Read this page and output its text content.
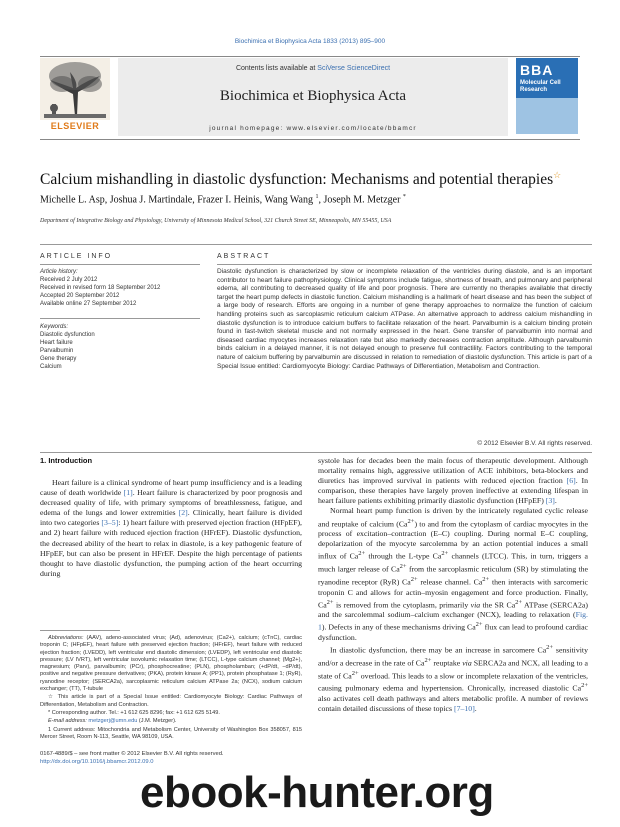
Biochimica et Biophysica Acta 1833 (2013) 895–900
ELSEVIER
Contents lists available at SciVerse ScienceDirect
Biochimica et Biophysica Acta
journal homepage: www.elsevier.com/locate/bbamcr
BBA
Molecular Cell Research
Calcium mishandling in diastolic dysfunction: Mechanisms and potential therapies☆
Michelle L. Asp, Joshua J. Martindale, Frazer I. Heinis, Wang Wang $^1$, Joseph M. Metzger *
Department of Integrative Biology and Physiology, University of Minnesota Medical School, 321 Church Street SE, Minneapolis, MN 55455, USA
ARTICLE INFO	ABSTRACT
Article history:
Received 2 July 2012
Received in revised form 18 September 2012
Accepted 20 September 2012
Available online 27 September 2012
Keywords:
Diastolic dysfunction
Heart failure
Parvalbumin
Gene therapy
Calcium
Diastolic dysfunction is characterized by slow or incomplete relaxation of the ventricles during diastole, and is an important contributor to heart failure pathophysiology. Clinical symptoms include fatigue, shortness of breath, and pulmonary and peripheral edema, all contributing to decreased quality of life and poor prognosis. There are currently no therapies available that directly target the heart pump defects in diastolic function. Calcium mishandling is a hallmark of heart disease and has been the subject of a large body of research. Efforts are ongoing in a number of gene therapy approaches to normalize the function of calcium handling proteins such as sarcoplasmic reticulum calcium ATPase. An alternative approach to address calcium mishandling in diastolic dysfunction is to introduce calcium buffers to facilitate relaxation of the heart. Parvalbumin is a calcium binding protein found in fast-twitch skeletal muscle and not normally expressed in the heart. Gene transfer of parvalbumin into normal and diseased cardiac myocytes increases relaxation rate but also markedly decreases contraction amplitude. Although parvalbumin binds calcium in a delayed manner, it is not delayed enough to preserve full contractility. Factors contributing to the temporal nature of calcium buffering by parvalbumin are discussed in relation to remediation of diastolic dysfunction. This article is part of a Special Issue entitled: Cardiomyocyte Biology: Cardiac Pathways of Differentiation, Metabolism and Contraction.
© 2012 Elsevier B.V. All rights reserved.
1. Introduction

Heart failure is a clinical syndrome of heart pump insufficiency and is a leading cause of death worldwide [1]. Heart failure is characterized by poor prognosis and decreased quality of life, with primary symptoms of breathlessness, fatigue, and edema of the lungs and lower extremities [2]. Clinically, heart failure is divided into two categories [3–5]: 1) heart failure with preserved ejection fraction (HFpEF), and 2) heart failure with reduced ejection fraction (HFrEF). Diastolic dysfunction, the decreased ability of the heart to relax in diastole, is a key pathogenic feature of HFpEF, but can also be present in HFrEF. Despite the high percentage of patients thought to have diastolic dysfunction, the pumping action of the heart occurring during

Abbreviations: (AAV), adeno-associated virus; (Ad), adenovirus; (Ca2+), calcium; (cTnC), cardiac troponin C; (HFpEF), heart failure with preserved ejection fraction; (HFrEF), heart failure with reduced ejection fraction; (LVEDD), left ventricular end diastolic dimension; (LVEDP), left ventricular end diastolic pressure; (LV IVRT), left ventricular isovolumic relaxation time; (LTCC), L-type calcium channel; (Mg2+), magnesium; (Parv), parvalbumin; (PCr), phosphocreatine; (PLN), phospholamban; (+dP/dt, −dP/dt), positive and negative pressure derivatives; (PKA), protein kinase A; (PP1), protein phosphatase 1; (RyR), ryanodine receptor; (SERCA2a), sarcoplasmic reticulum calcium ATPase 2a; (NCX), sodium calcium exchanger; (TT), T-tubule

☆ This article is part of a Special Issue entitled: Cardiomyocyte Biology: Cardiac Pathways of Differentiation, Metabolism and Contraction.

* Corresponding author. Tel.: +1 612 625 8296; fax: +1 612 625 5149.

E-mail address: metzgerj@umn.edu (J.M. Metzger).

1 Current address: Mitochondria and Metabolism Center, University of Washington Box 358057, 815 Mercer Street, Room N-113, Seattle, WA 98109, USA.

0167-4889/$ – see front matter © 2012 Elsevier B.V. All rights reserved.
http://dx.doi.org/10.1016/j.bbamcr.2012.09.0

systole has for decades been the main focus of therapeutic development. Although mortality remains high, aggressive utilization of ACE inhibitors, beta-blockers and diuretics has improved survival in patients with reduced ejection fraction [6]. In comparison, these therapies have largely proven ineffective at extending lifespan in heart failure patients exhibiting primarily diastolic dysfunction (HFpEF) [3].

Normal heart pump function is driven by the intricately regulated cyclic release and reuptake of calcium $(Ca^{2+})$ to and from the cytoplasm of cardiac myocytes in the process of excitation–contraction (E–C) coupling. During normal E–C coupling, depolarization of the myocyte sarcolemma by an action potential induces a small influx of $Ca^{2+}$ through the L-type $Ca^{2+}$ channels (LTCC). This, in turn, triggers a much larger release of $Ca^{2+}$ from the sarcoplasmic reticulum (SR) by stimulating the ryanodine receptor (RyR) $Ca^{2+}$ release channel. $Ca^{2+}$ then interacts with sarcomeric troponin C and allows for actin–myosin engagement and force production. Finally, $Ca^{2+}$ is removed from the cytoplasm, primarily via the SR $Ca^{2+}$ ATPase (SERCA2a) and the sarcolemmal sodium–calcium exchanger (NCX), leading to relaxation (Fig. 1). Defects in any of these mechanisms driving $Ca^{2+}$ flux can lead to profound cardiac dysfunction.

In diastolic dysfunction, there may be an increase in sarcomere $Ca^{2+}$ sensitivity and/or a decrease in the rate of $Ca^{2+}$ reuptake via SERCA2a and NCX, all leading to a state of $Ca^{2+}$ overload. This leads to a slow or incomplete relaxation of the ventricles, causing pulmonary edema and hypertension. Chronically, increased diastolic $Ca^{2+}$ also activates cell death pathways and alters metabolic profile. A number of reviews contain detailed discussions of these topics [7–10].

ebook-hunter.org
